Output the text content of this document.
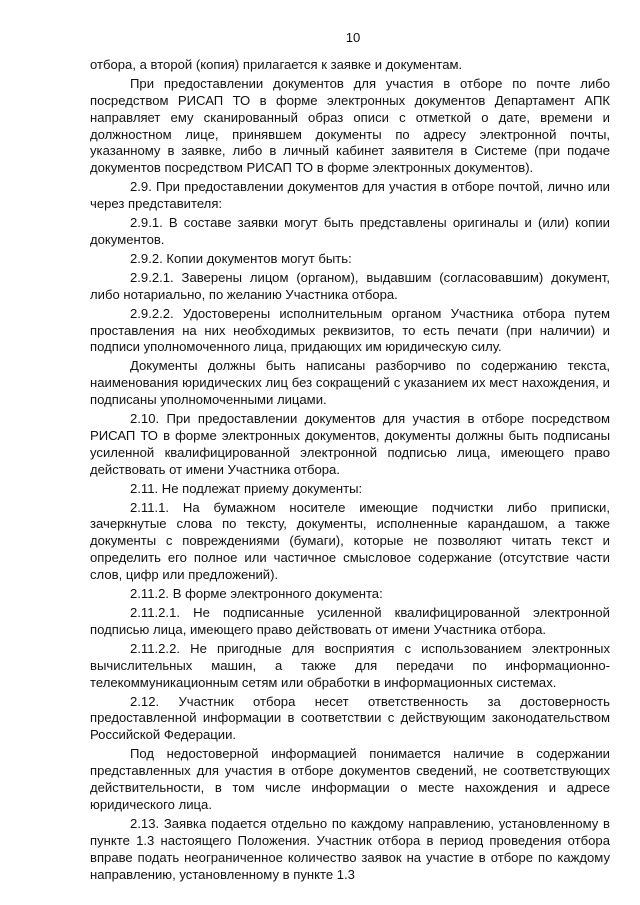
10

отбора, а второй (копия) прилагается к заявке и документам.

При предоставлении документов для участия в отборе по почте либо посредством РИСАП ТО в форме электронных документов Департамент АПК направляет ему сканированный образ описи с отметкой о дате, времени и должностном лице, принявшем документы по адресу электронной почты, указанному в заявке, либо в личный кабинет заявителя в Системе (при подаче документов посредством РИСАП ТО в форме электронных документов).

2.9. При предоставлении документов для участия в отборе почтой, лично или через представителя:

2.9.1. В составе заявки могут быть представлены оригиналы и (или) копии документов.

2.9.2. Копии документов могут быть:

2.9.2.1. Заверены лицом (органом), выдавшим (согласовавшим) документ, либо нотариально, по желанию Участника отбора.

2.9.2.2. Удостоверены исполнительным органом Участника отбора путем проставления на них необходимых реквизитов, то есть печати (при наличии) и подписи уполномоченного лица, придающих им юридическую силу.

Документы должны быть написаны разборчиво по содержанию текста, наименования юридических лиц без сокращений с указанием их мест нахождения, и подписаны уполномоченными лицами.

2.10. При предоставлении документов для участия в отборе посредством РИСАП ТО в форме электронных документов, документы должны быть подписаны усиленной квалифицированной электронной подписью лица, имеющего право действовать от имени Участника отбора.

2.11. Не подлежат приему документы:

2.11.1. На бумажном носителе имеющие подчистки либо приписки, зачеркнутые слова по тексту, документы, исполненные карандашом, а также документы с повреждениями (бумаги), которые не позволяют читать текст и определить его полное или частичное смысловое содержание (отсутствие части слов, цифр или предложений).

2.11.2. В форме электронного документа:

2.11.2.1. Не подписанные усиленной квалифицированной электронной подписью лица, имеющего право действовать от имени Участника отбора.

2.11.2.2. Не пригодные для восприятия с использованием электронных вычислительных машин, а также для передачи по информационно-телекоммуникационным сетям или обработки в информационных системах.

2.12. Участник отбора несет ответственность за достоверность предоставленной информации в соответствии с действующим законодательством Российской Федерации.

Под недостоверной информацией понимается наличие в содержании представленных для участия в отборе документов сведений, не соответствующих действительности, в том числе информации о месте нахождения и адресе юридического лица.

2.13. Заявка подается отдельно по каждому направлению, установленному в пункте 1.3 настоящего Положения. Участник отбора в период проведения отбора вправе подать неограниченное количество заявок на участие в отборе по каждому направлению, установленному в пункте 1.3
